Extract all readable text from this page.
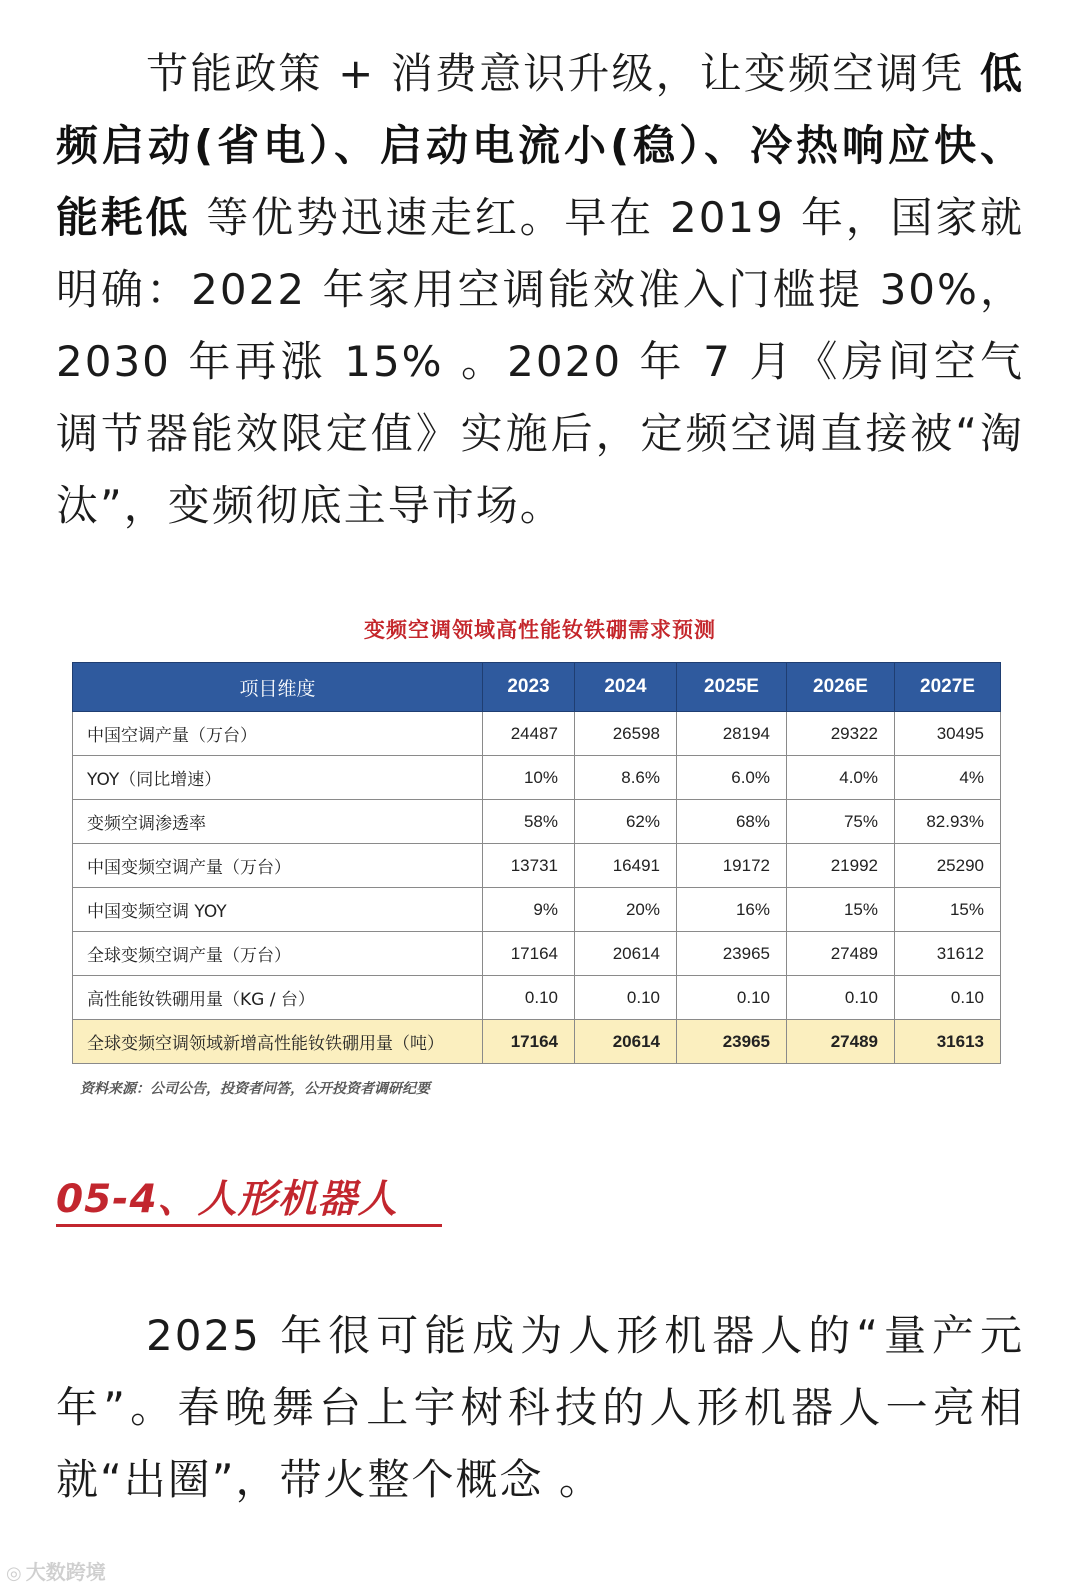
节能政策 + 消费意识升级，让变频空调凭 低频启动(省电）、启动电流小(稳）、冷热响应快、能耗低 等优势迅速走红。早在 2019 年，国家就明确：2022 年家用空调能效准入门槛提 30%，2030 年再涨 15% 。2020 年 7 月《房间空气调节器能效限定值》实施后，定频空调直接被“淘汰”，变频彻底主导市场。
变频空调领域高性能钕铁硼需求预测
项目维度	2023	2024	2025E	2026E	2027E
中国空调产量（万台）	24487	26598	28194	29322	30495
YOY（同比增速）	10%	8.6%	6.0%	4.0%	4%
变频空调渗透率	58%	62%	68%	75%	82.93%
中国变频空调产量（万台）	13731	16491	19172	21992	25290
中国变频空调 YOY	9%	20%	16%	15%	15%
全球变频空调产量（万台）	17164	20614	23965	27489	31612
高性能钕铁硼用量（KG / 台）	0.10	0.10	0.10	0.10	0.10
全球变频空调领域新增高性能钕铁硼用量（吨）	17164	20614	23965	27489	31613
资料来源：公司公告，投资者问答，公开投资者调研纪要
05-4、人形机器人
2025 年很可能成为人形机器人的“量产元年”。春晚舞台上宇树科技的人形机器人一亮相就“出圈”，带火整个概念 。
◎ 大数跨境
